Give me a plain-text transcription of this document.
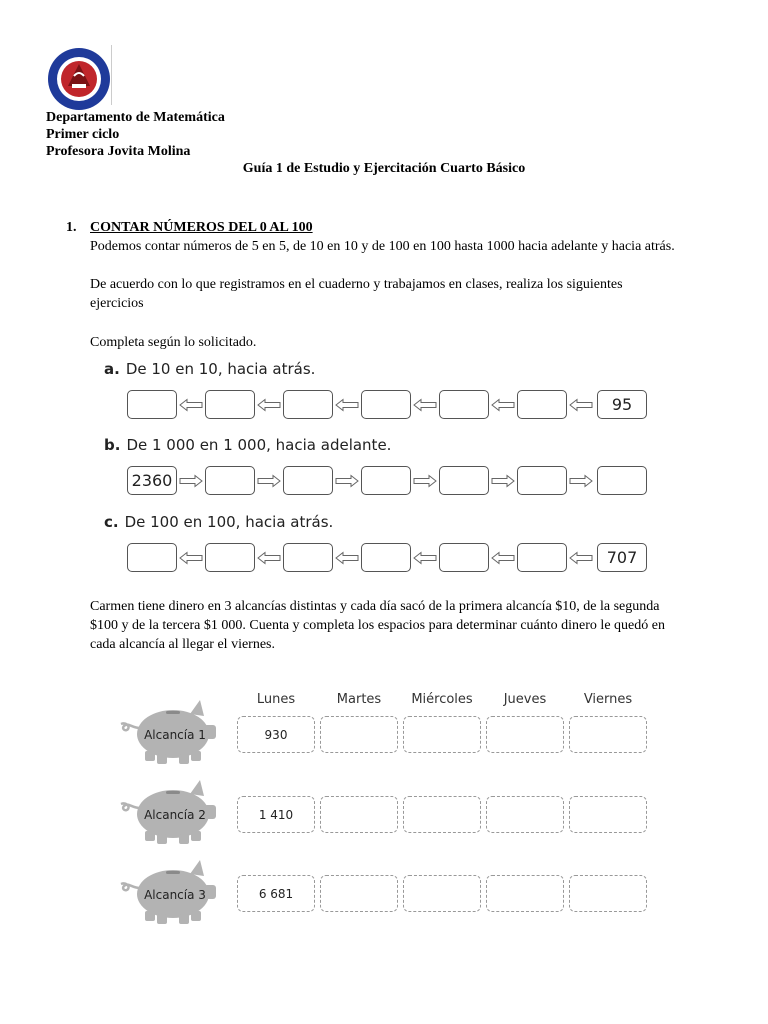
Departamento de Matemática
Primer ciclo
Profesora Jovita Molina
Guía 1 de Estudio y Ejercitación Cuarto Básico
1. CONTAR NÚMEROS DEL 0 AL 100
Podemos contar números de 5 en 5, de 10 en 10 y de 100 en 100 hasta 1000 hacia adelante y hacia atrás.
De acuerdo con lo que registramos en el cuaderno y trabajamos en clases, realiza los siguientes
ejercicios
Completa según lo solicitado.
a. De 10 en 10, hacia atrás.
95
b. De 1 000 en 1 000, hacia adelante.
2360
c. De 100 en 100, hacia atrás.
707
Carmen tiene dinero en 3 alcancías distintas y cada día sacó de la primera alcancía $10, de la segunda
$100 y de la tercera $1 000. Cuenta y completa los espacios para determinar cuánto dinero le quedó en
cada alcancía al llegar el viernes.
Lunes	Martes	Miércoles	Jueves	Viernes
Alcancía 1	930
Alcancía 2	1 410
Alcancía 3	6 681
